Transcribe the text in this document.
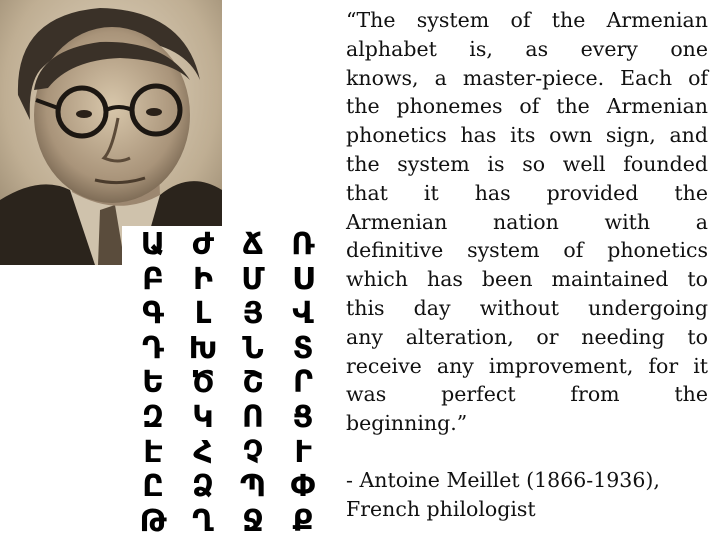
Ա Ժ Ճ Ռ
Բ Ի Մ Ս
Գ	Լ	Յ Վ
Դ Խ Ն Տ
Ե Ծ Շ Ր
Զ Կ Ո Ց
Է	Հ	Չ	Ւ
Ը Ձ Պ Փ
Թ Ղ Ջ Ք
“The system of the Armenian
alphabet is, as every one
knows, a master-piece. Each of
the phonemes of the Armenian
phonetics has its own sign, and
the system is so well founded
that it has provided the
Armenian nation with a
definitive system of phonetics
which has been maintained to
this day without undergoing
any alteration, or needing to
receive any improvement, for it
was perfect from the
beginning.”
- Antoine Meillet (1866-1936),
French philologist
